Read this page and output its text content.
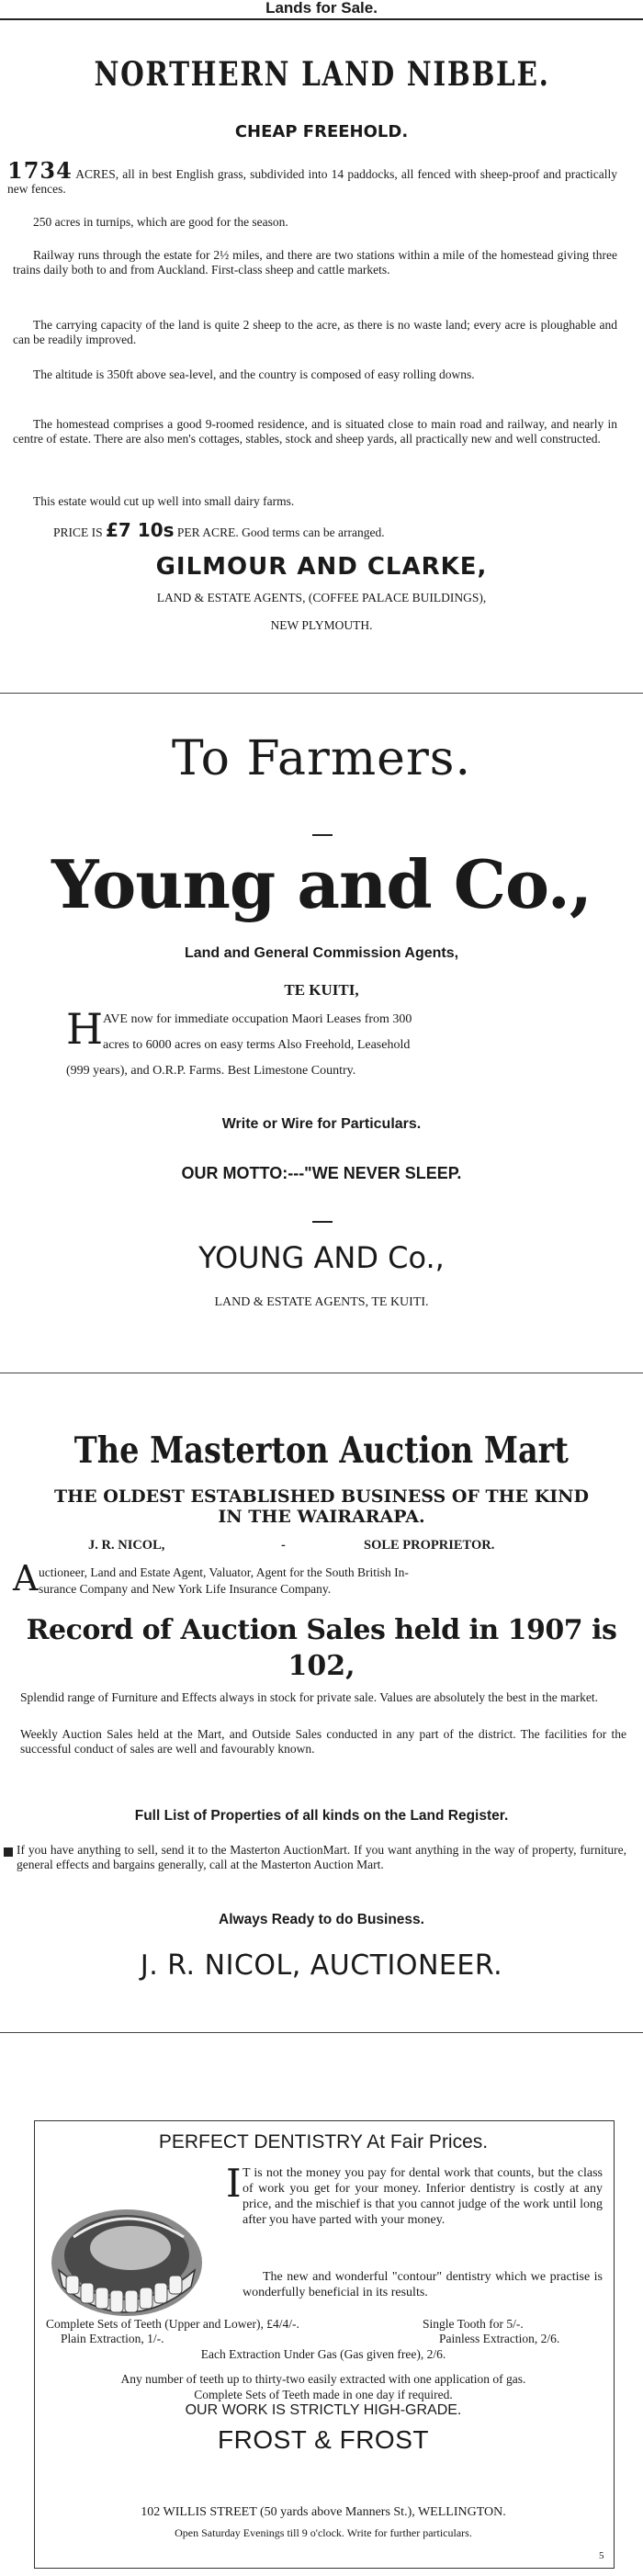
Lands for Sale.
NORTHERN LAND NIBBLE.
CHEAP FREEHOLD.
1734 ACRES, all in best English grass, subdivided into 14 paddocks, all fenced with sheep-proof and practically new fences.

250 acres in turnips, which are good for the season.

Railway runs through the estate for 2½ miles, and there are two stations within a mile of the homestead giving three trains daily both to and from Auckland. First-class sheep and cattle markets.

The carrying capacity of the land is quite 2 sheep to the acre, as there is no waste land; every acre is ploughable and can be readily improved.

The altitude is 350ft above sea-level, and the country is composed of easy rolling downs.

The homestead comprises a good 9-roomed residence, and is situated close to main road and railway, and nearly in centre of estate. There are also men's cottages, stables, stock and sheep yards, all practically new and well constructed.

This estate would cut up well into small dairy farms.

PRICE IS £7 10s PER ACRE. Good terms can be arranged.
GILMOUR AND CLARKE,
LAND & ESTATE AGENTS, (COFFEE PALACE BUILDINGS),
NEW PLYMOUTH.
To Farmers.
Young and Co.,
Land and General Commission Agents,
TE KUITI,
H AVE now for immediate occupation Maori Leases from 300
acres to 6000 acres on easy terms Also Freehold, Leasehold
(999 years), and O.R.P. Farms. Best Limestone Country.
Write or Wire for Particulars.
OUR MOTTO:---"WE NEVER SLEEP.
YOUNG AND Co.,
LAND & ESTATE AGENTS, TE KUITI.
The Masterton Auction Mart
THE OLDEST ESTABLISHED BUSINESS OF THE KIND
IN THE WAIRARAPA.
J. R. NICOL,	-	SOLE PROPRIETOR.
A uctioneer, Land and Estate Agent, Valuator, Agent for the South British In-
surance Company and New York Life Insurance Company.
Record of Auction Sales held in 1907 is
102,

Splendid range of Furniture and Effects always in stock for private sale. Values are absolutely the best in the market.

Weekly Auction Sales held at the Mart, and Outside Sales conducted in any part of the district. The facilities for the successful conduct of sales are well and favourably known.

Full List of Properties of all kinds on the Land Register.

If you have anything to sell, send it to the Masterton AuctionMart. If you want anything in the way of property, furniture, general effects and bargains generally, call at the Masterton Auction Mart.

Always Ready to do Business.
J. R. NICOL, AUCTIONEER.
PERFECT DENTISTRY At Fair Prices.
I T is not the money you pay for dental work that counts, but the class of work you get for your money. Inferior dentistry is costly at any price, and the mischief is that you cannot judge of the work until long after you have parted with your money.

The new and wonderful "contour" dentistry which we practise is wonderfully beneficial in its results.

Complete Sets of Teeth (Upper and Lower), £4/4/-.	Single Tooth for 5/-.
Plain Extraction, 1/-.	Painless Extraction, 2/6.
Each Extraction Under Gas (Gas given free), 2/6.
Any number of teeth up to thirty-two easily extracted with one application of gas.
Complete Sets of Teeth made in one day if required.
OUR WORK IS STRICTLY HIGH-GRADE.
FROST & FROST
102 WILLIS STREET (50 yards above Manners St.), WELLINGTON.
Open Saturday Evenings till 9 o'clock. Write for further particulars.
5
